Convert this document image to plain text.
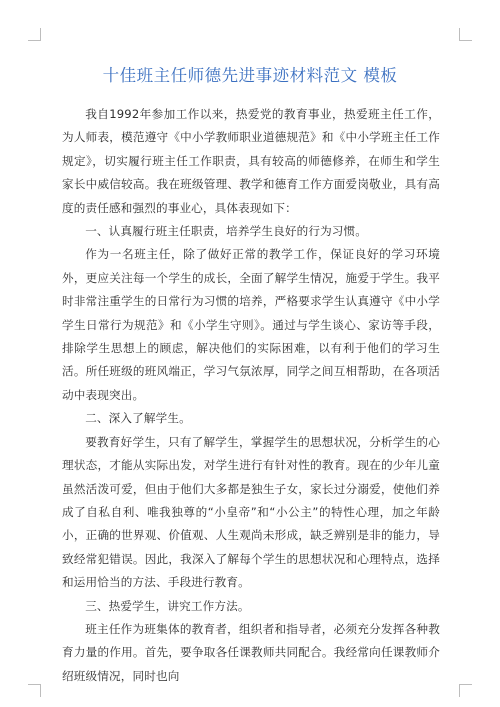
十佳班主任师德先进事迹材料范文 模板

我自1992年参加工作以来，热爱党的教育事业，热爱班主任工作，为人师表，模范遵守《中小学教师职业道德规范》和《中小学班主任工作规定》，切实履行班主任工作职责，具有较高的师德修养，在师生和学生家长中威信较高。我在班级管理、教学和德育工作方面爱岗敬业，具有高度的责任感和强烈的事业心，具体表现如下：

一、认真履行班主任职责，培养学生良好的行为习惯。

作为一名班主任，除了做好正常的教学工作，保证良好的学习环境外，更应关注每一个学生的成长，全面了解学生情况，施爱于学生。我平时非常注重学生的日常行为习惯的培养，严格要求学生认真遵守《中小学学生日常行为规范》和《小学生守则》。通过与学生谈心、家访等手段，排除学生思想上的顾虑，解决他们的实际困难，以有利于他们的学习生活。所任班级的班风端正，学习气氛浓厚，同学之间互相帮助，在各项活动中表现突出。

二、深入了解学生。

要教育好学生，只有了解学生，掌握学生的思想状况，分析学生的心理状态，才能从实际出发，对学生进行有针对性的教育。现在的少年儿童虽然活泼可爱，但由于他们大多都是独生子女，家长过分溺爱，使他们养成了自私自利、唯我独尊的“小皇帝”和“小公主”的特性心理，加之年龄小，正确的世界观、价值观、人生观尚未形成，缺乏辨别是非的能力，导致经常犯错误。因此，我深入了解每个学生的思想状况和心理特点，选择和运用恰当的方法、手段进行教育。

三、热爱学生，讲究工作方法。

班主任作为班集体的教育者，组织者和指导者，必须充分发挥各种教育力量的作用。首先，要争取各任课教师共同配合。我经常向任课教师介绍班级情况，同时也向
